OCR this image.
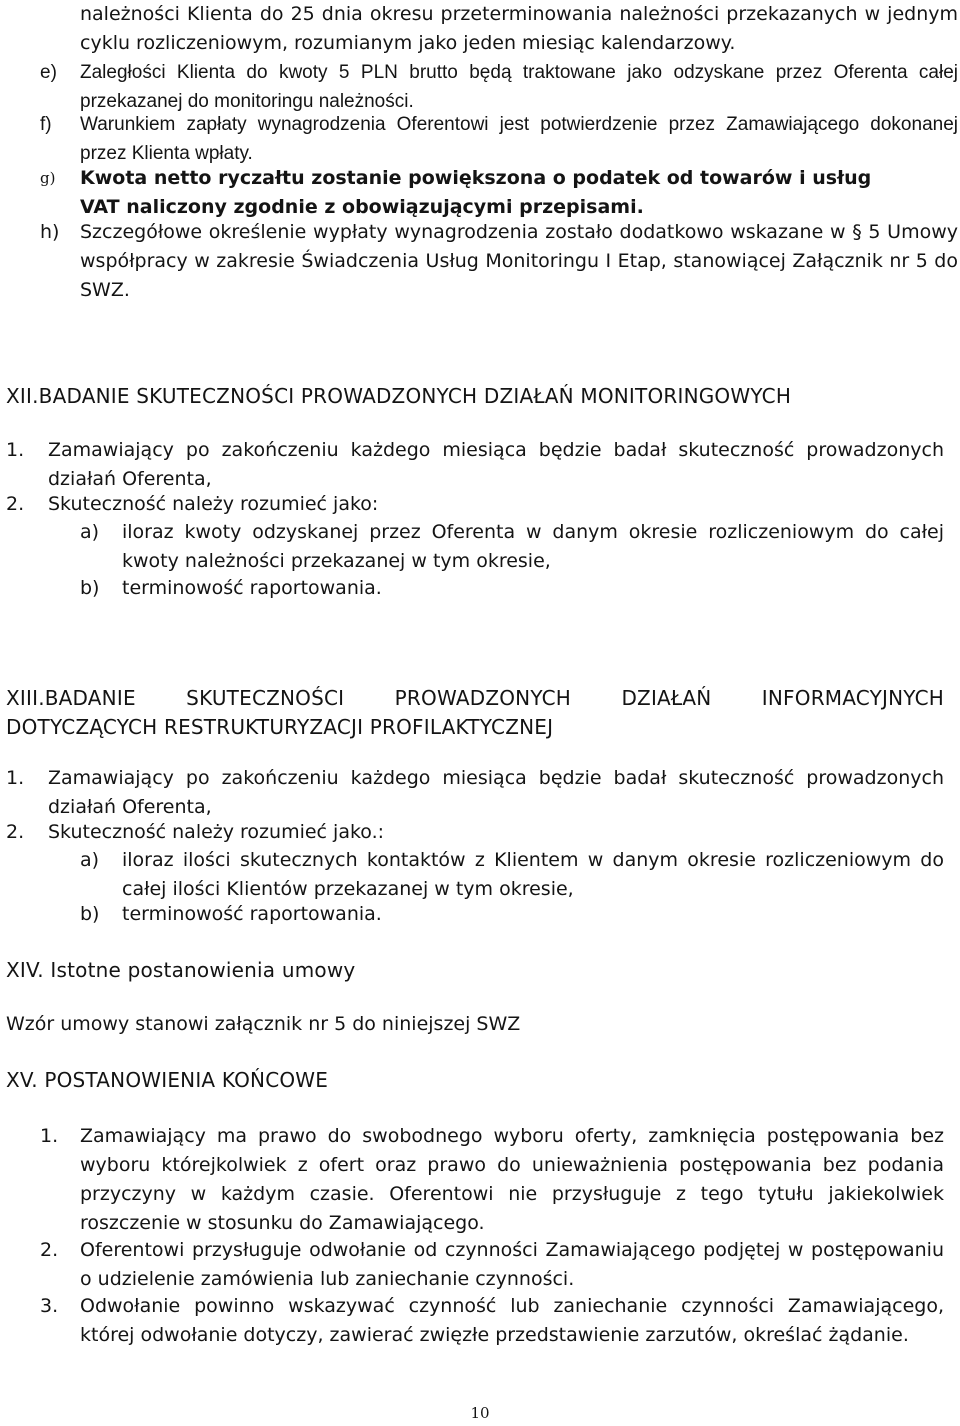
należności Klienta do 25 dnia okresu przeterminowania należności przekazanych w jednym cyklu rozliczeniowym, rozumianym jako jeden miesiąc kalendarzowy.
e) Zaległości Klienta do kwoty 5 PLN brutto będą traktowane jako odzyskane przez Oferenta całej przekazanej do monitoringu należności.
f) Warunkiem zapłaty wynagrodzenia Oferentowi jest potwierdzenie przez Zamawiającego dokonanej przez Klienta wpłaty.
g) Kwota netto ryczałtu zostanie powiększona o podatek od towarów i usług VAT naliczony zgodnie z obowiązującymi przepisami.
h) Szczegółowe określenie wypłaty wynagrodzenia zostało dodatkowo wskazane w § 5 Umowy współpracy w zakresie Świadczenia Usług Monitoringu I Etap, stanowiącej Załącznik nr 5 do SWZ.
XII.BADANIE SKUTECZNOŚCI PROWADZONYCH DZIAŁAŃ MONITORINGOWYCH
1. Zamawiający po zakończeniu każdego miesiąca będzie badał skuteczność prowadzonych działań Oferenta,
2. Skuteczność należy rozumieć jako:
a) iloraz kwoty odzyskanej przez Oferenta w danym okresie rozliczeniowym do całej kwoty należności przekazanej w tym okresie,
b) terminowość raportowania.
XIII.BADANIE SKUTECZNOŚCI PROWADZONYCH DZIAŁAŃ INFORMACYJNYCH
DOTYCZĄCYCH RESTRUKTURYZACJI PROFILAKTYCZNEJ
1. Zamawiający po zakończeniu każdego miesiąca będzie badał skuteczność prowadzonych działań Oferenta,
2. Skuteczność należy rozumieć jako.:
a) iloraz ilości skutecznych kontaktów z Klientem w danym okresie rozliczeniowym do całej ilości Klientów przekazanej w tym okresie,
b) terminowość raportowania.
XIV. Istotne postanowienia umowy
Wzór umowy stanowi załącznik nr 5 do niniejszej SWZ
XV. POSTANOWIENIA KOŃCOWE
1. Zamawiający ma prawo do swobodnego wyboru oferty, zamknięcia postępowania bez wyboru którejkolwiek z ofert oraz prawo do unieważnienia postępowania bez podania przyczyny w każdym czasie. Oferentowi nie przysługuje z tego tytułu jakiekolwiek roszczenie w stosunku do Zamawiającego.
2. Oferentowi przysługuje odwołanie od czynności Zamawiającego podjętej w postępowaniu o udzielenie zamówienia lub zaniechanie czynności.
3. Odwołanie powinno wskazywać czynność lub zaniechanie czynności Zamawiającego, której odwołanie dotyczy, zawierać zwięzłe przedstawienie zarzutów, określać żądanie.
10
